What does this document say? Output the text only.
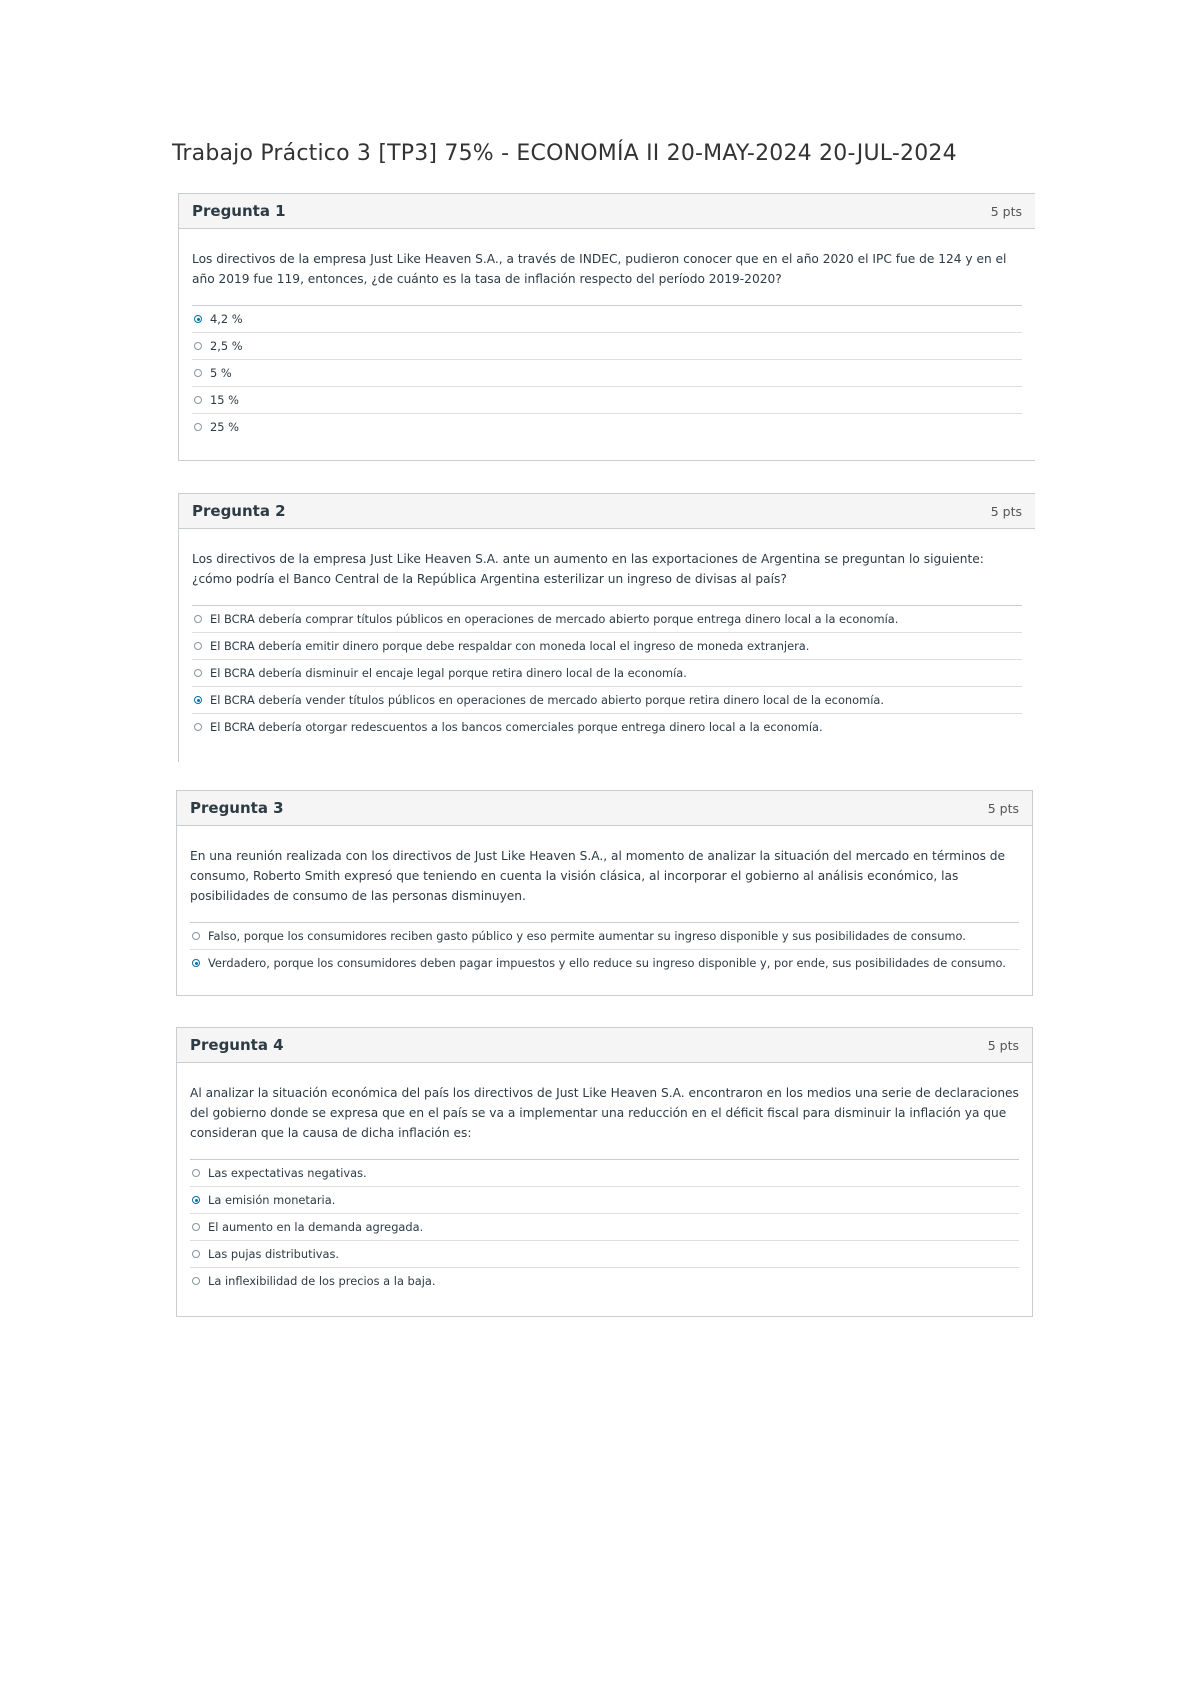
Trabajo Práctico 3 [TP3] 75% - ECONOMÍA II 20-MAY-2024 20-JUL-2024
Pregunta 1	5 pts
Los directivos de la empresa Just Like Heaven S.A., a través de INDEC, pudieron conocer que en el año 2020 el IPC fue de 124 y en el año 2019 fue 119, entonces, ¿de cuánto es la tasa de inflación respecto del período 2019-2020?
4,2 %
2,5 %
5 %
15 %
25 %
Pregunta 2	5 pts
Los directivos de la empresa Just Like Heaven S.A. ante un aumento en las exportaciones de Argentina se preguntan lo siguiente: ¿cómo podría el Banco Central de la República Argentina esterilizar un ingreso de divisas al país?
El BCRA debería comprar títulos públicos en operaciones de mercado abierto porque entrega dinero local a la economía.
El BCRA debería emitir dinero porque debe respaldar con moneda local el ingreso de moneda extranjera.
El BCRA debería disminuir el encaje legal porque retira dinero local de la economía.
El BCRA debería vender títulos públicos en operaciones de mercado abierto porque retira dinero local de la economía.
El BCRA debería otorgar redescuentos a los bancos comerciales porque entrega dinero local a la economía.
Pregunta 3	5 pts
En una reunión realizada con los directivos de Just Like Heaven S.A., al momento de analizar la situación del mercado en términos de consumo, Roberto Smith expresó que teniendo en cuenta la visión clásica, al incorporar el gobierno al análisis económico, las posibilidades de consumo de las personas disminuyen.
Falso, porque los consumidores reciben gasto público y eso permite aumentar su ingreso disponible y sus posibilidades de consumo.
Verdadero, porque los consumidores deben pagar impuestos y ello reduce su ingreso disponible y, por ende, sus posibilidades de consumo.
Pregunta 4	5 pts
Al analizar la situación económica del país los directivos de Just Like Heaven S.A. encontraron en los medios una serie de declaraciones del gobierno donde se expresa que en el país se va a implementar una reducción en el déficit fiscal para disminuir la inflación ya que consideran que la causa de dicha inflación es:
Las expectativas negativas.
La emisión monetaria.
El aumento en la demanda agregada.
Las pujas distributivas.
La inflexibilidad de los precios a la baja.
